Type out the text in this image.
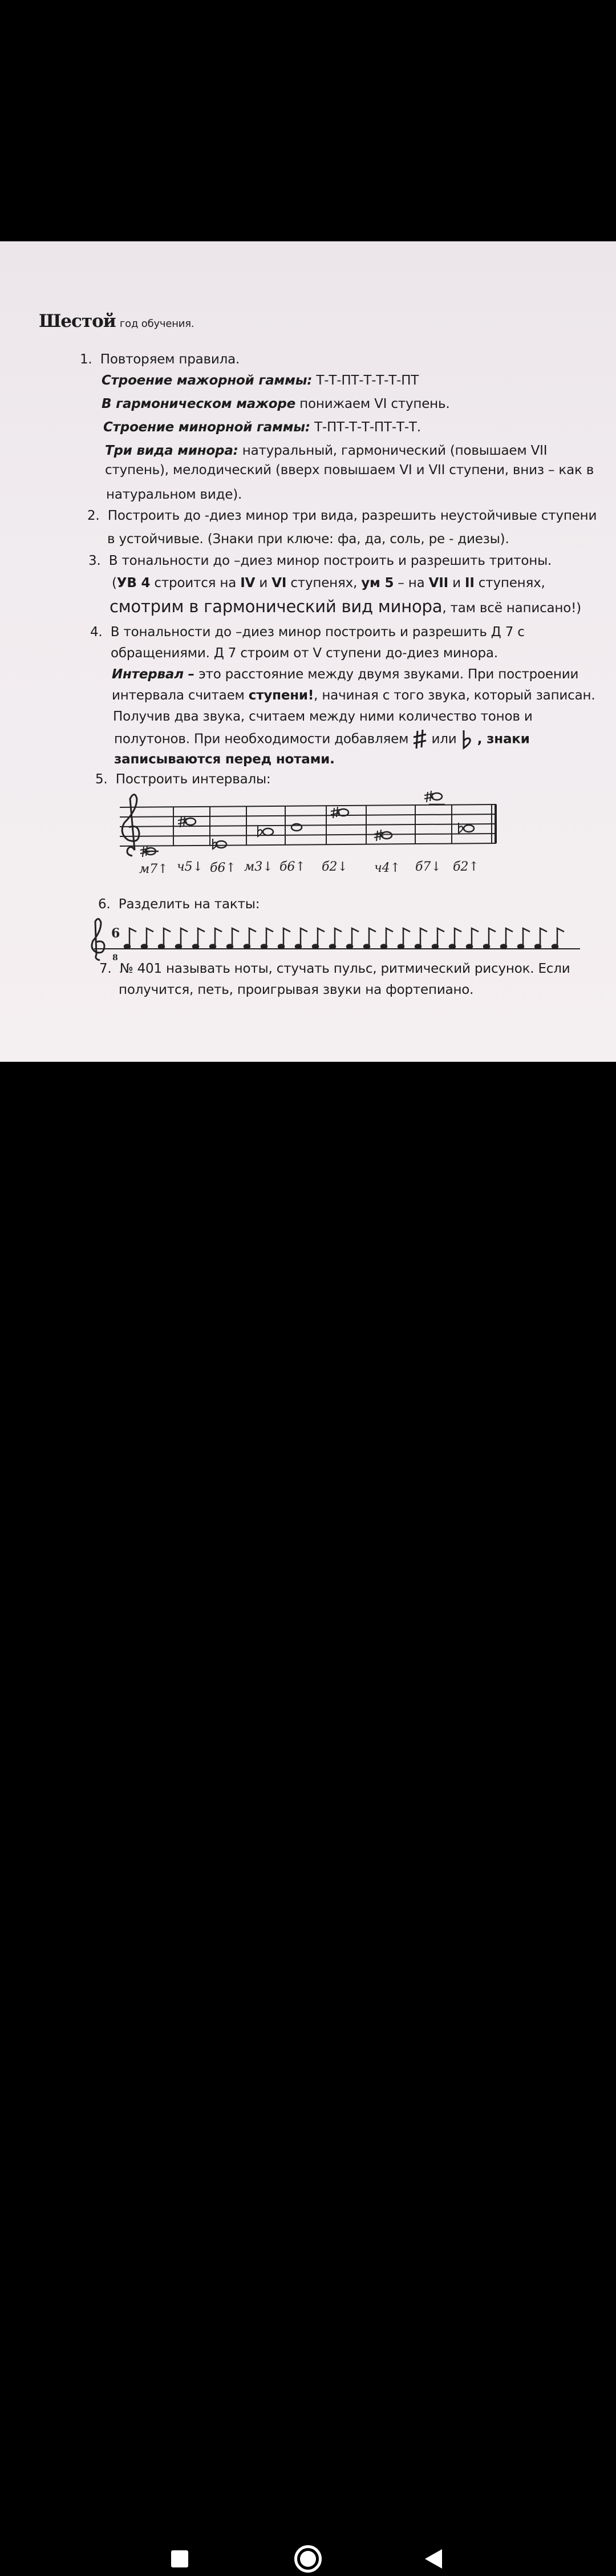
Шестой год обучения.
1. Повторяем правила.
Строение мажорной гаммы: Т-Т-ПТ-Т-Т-Т-ПТ
В гармоническом мажоре понижаем VI ступень.
Строение минорной гаммы: Т-ПТ-Т-Т-ПТ-Т-Т.
Три вида минора: натуральный, гармонический (повышаем VII
ступень), мелодический (вверх повышаем VI и VII ступени, вниз – как в
натуральном виде).
2. Построить до -диез минор три вида, разрешить неустойчивые ступени
в устойчивые. (Знаки при ключе: фа, да, соль, ре - диезы).
3. В тональности до –диез минор построить и разрешить тритоны.
(УВ 4 строится на IV и VI ступенях, ум 5 – на VII и II ступенях,
смотрим в гармонический вид минора, там всё написано!)
4. В тональности до –диез минор построить и разрешить Д 7 с
обращениями. Д 7 строим от V ступени до-диез минора.
Интервал – это расстояние между двумя звуками. При построении
интервала считаем ступени!, начиная с того звука, который записан.
Получив два звука, считаем между ними количество тонов и
полутонов. При необходимости добавляем  или  , знаки
записываются перед нотами.
5. Построить интервалы:
м7↑ ч5↓ б6↑ м3↓ б6↑ б2↓ ч4↑ б7↓ б2↑
6. Разделить на такты:
6
8
7. № 401 называть ноты, стучать пульс, ритмический рисунок. Если
получится, петь, проигрывая звуки на фортепиано.
